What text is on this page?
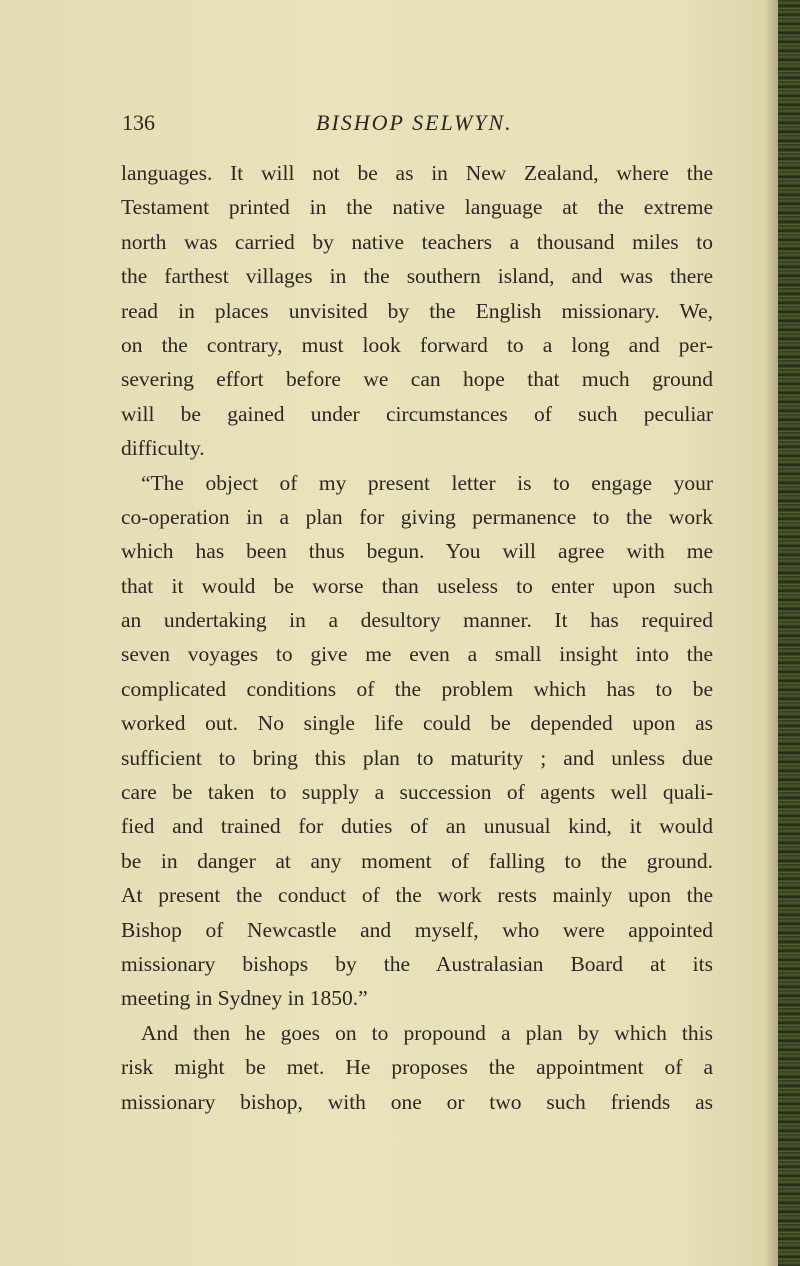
136	BISHOP SELWYN.
languages. It will not be as in New Zealand, where the
Testament printed in the native language at the extreme
north was carried by native teachers a thousand miles to
the farthest villages in the southern island, and was there
read in places unvisited by the English missionary. We,
on the contrary, must look forward to a long and per-
severing effort before we can hope that much ground
will be gained under circumstances of such peculiar
difficulty.
“The object of my present letter is to engage your
co-operation in a plan for giving permanence to the work
which has been thus begun. You will agree with me
that it would be worse than useless to enter upon such
an undertaking in a desultory manner. It has required
seven voyages to give me even a small insight into the
complicated conditions of the problem which has to be
worked out. No single life could be depended upon as
sufficient to bring this plan to maturity ; and unless due
care be taken to supply a succession of agents well quali-
fied and trained for duties of an unusual kind, it would
be in danger at any moment of falling to the ground.
At present the conduct of the work rests mainly upon the
Bishop of Newcastle and myself, who were appointed
missionary bishops by the Australasian Board at its
meeting in Sydney in 1850.”
And then he goes on to propound a plan by which this
risk might be met. He proposes the appointment of a
missionary bishop, with one or two such friends as
